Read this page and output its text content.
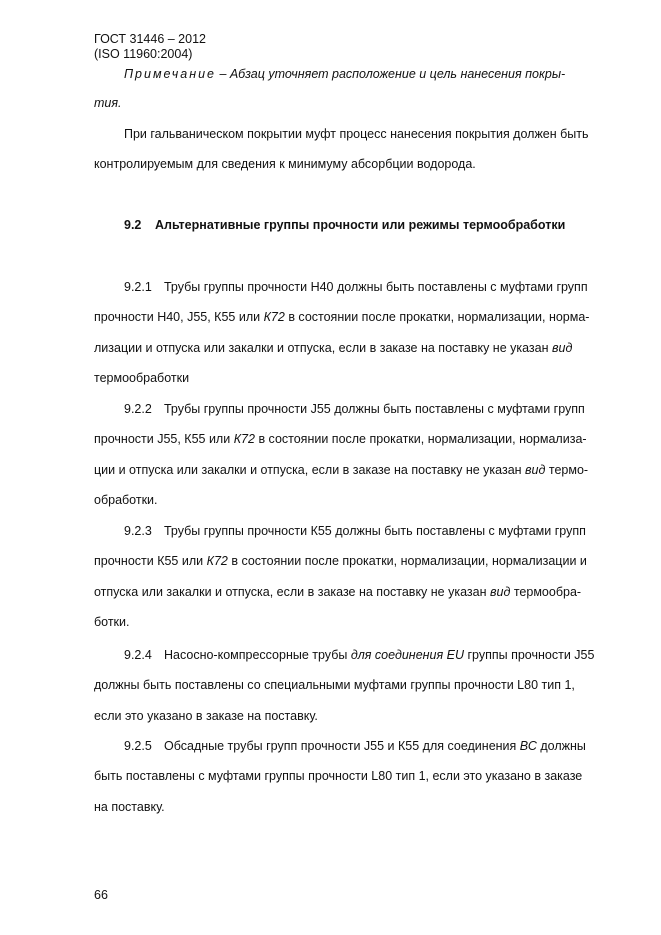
ГОСТ 31446 – 2012
(ISO 11960:2004)
Примечание – Абзац уточняет расположение и цель нанесения покры-
тия.
При гальваническом покрытии муфт процесс нанесения покрытия должен быть
контролируемым для сведения к минимуму абсорбции водорода.
9.2 Альтернативные группы прочности или режимы термообработки
9.2.1 Трубы группы прочности Н40 должны быть поставлены с муфтами групп
прочности Н40, J55, К55 или К72 в состоянии после прокатки, нормализации, норма-
лизации и отпуска или закалки и отпуска, если в заказе на поставку не указан вид
термообработки
9.2.2 Трубы группы прочности J55 должны быть поставлены с муфтами групп
прочности J55, К55 или К72 в состоянии после прокатки, нормализации, нормализа-
ции и отпуска или закалки и отпуска, если в заказе на поставку не указан вид термо-
обработки.
9.2.3 Трубы группы прочности К55 должны быть поставлены с муфтами групп
прочности К55 или К72 в состоянии после прокатки, нормализации, нормализации и
отпуска или закалки и отпуска, если в заказе на поставку не указан вид термообра-
ботки.
9.2.4 Насосно-компрессорные трубы для соединения EU группы прочности J55
должны быть поставлены со специальными муфтами группы прочности L80 тип 1,
если это указано в заказе на поставку.
9.2.5 Обсадные трубы групп прочности J55 и К55 для соединения ВС должны
быть поставлены с муфтами группы прочности L80 тип 1, если это указано в заказе
на поставку.
66
